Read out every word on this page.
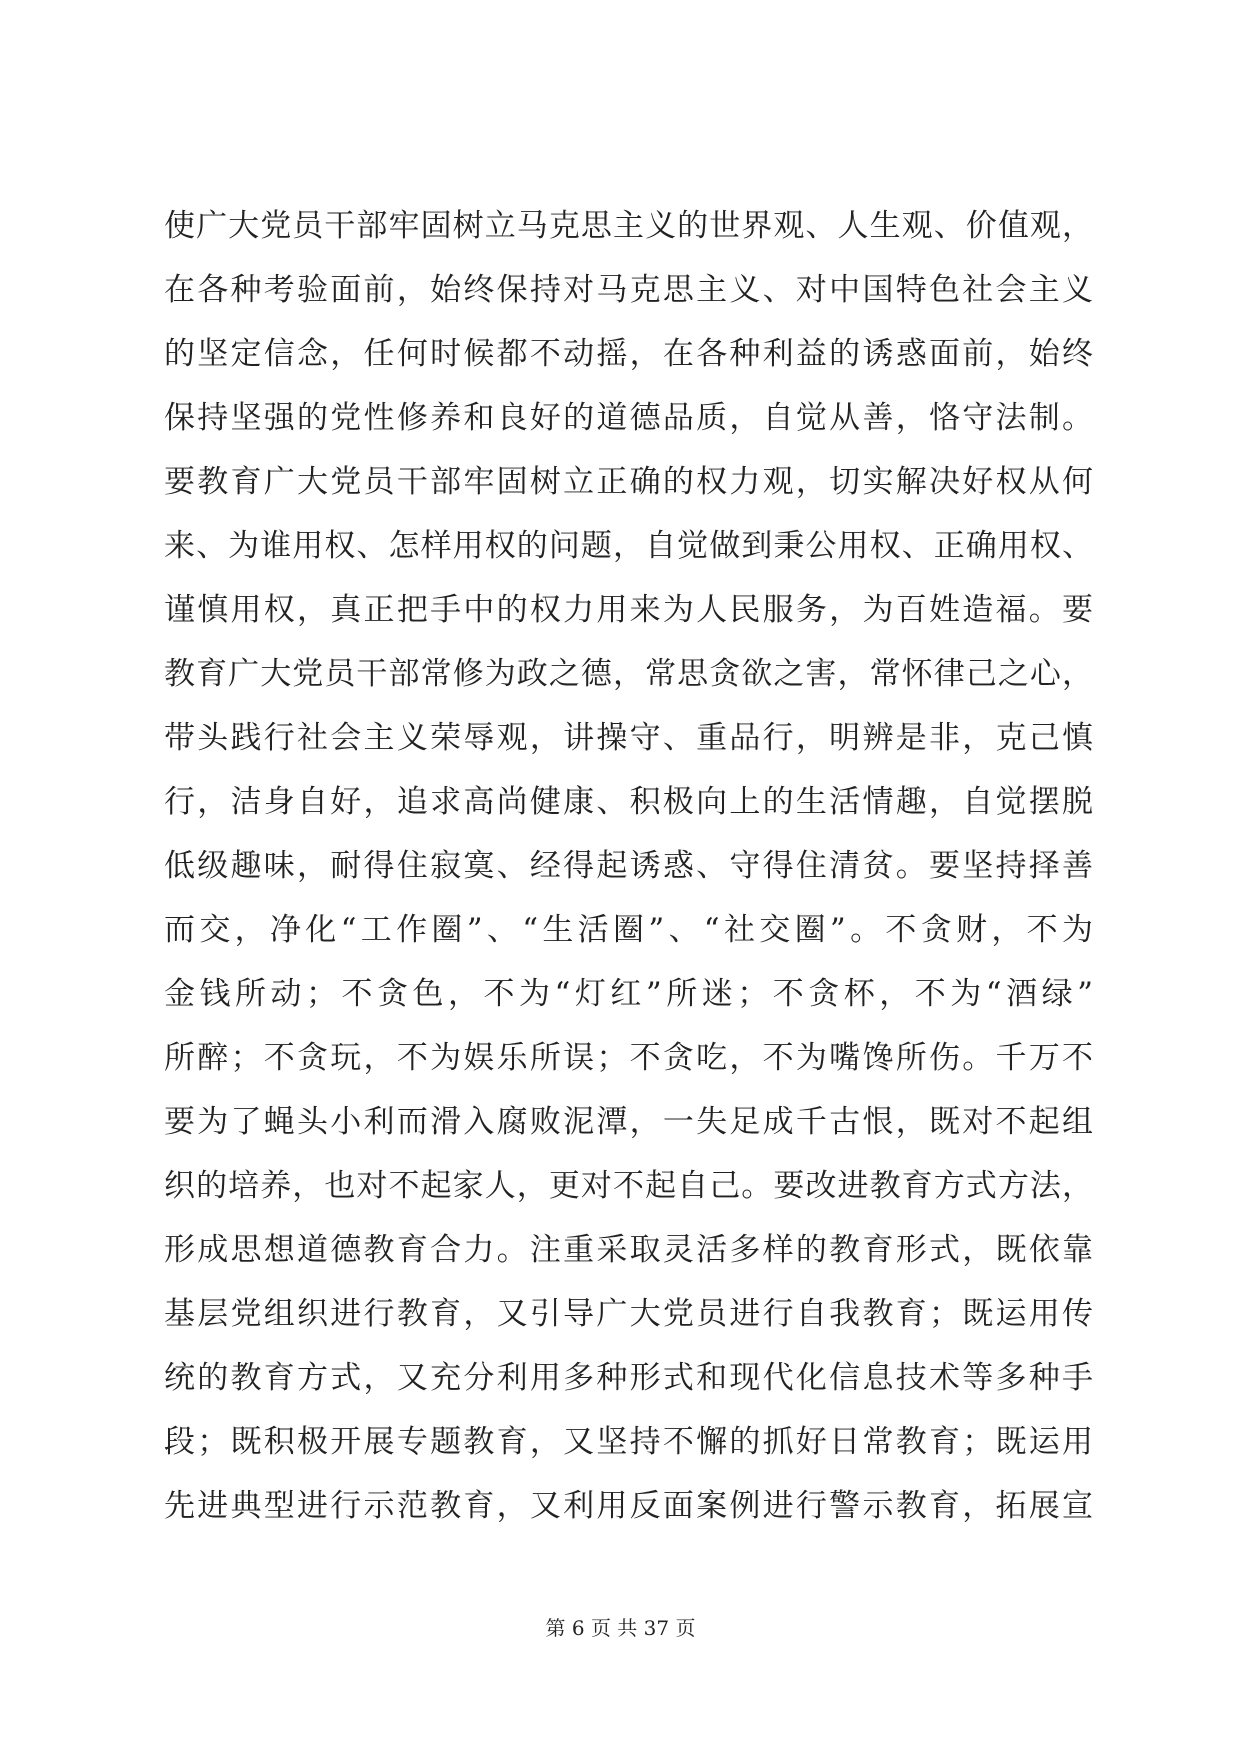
使广大党员干部牢固树立马克思主义的世界观、人生观、价值观，
在各种考验面前，始终保持对马克思主义、对中国特色社会主义
的坚定信念，任何时候都不动摇，在各种利益的诱惑面前，始终
保持坚强的党性修养和良好的道德品质，自觉从善，恪守法制。
要教育广大党员干部牢固树立正确的权力观，切实解决好权从何
来、为谁用权、怎样用权的问题，自觉做到秉公用权、正确用权、
谨慎用权，真正把手中的权力用来为人民服务，为百姓造福。要
教育广大党员干部常修为政之德，常思贪欲之害，常怀律己之心，
带头践行社会主义荣辱观，讲操守、重品行，明辨是非，克己慎
行，洁身自好，追求高尚健康、积极向上的生活情趣，自觉摆脱
低级趣味，耐得住寂寞、经得起诱惑、守得住清贫。要坚持择善
而交，净化“工作圈”、“生活圈”、“社交圈”。不贪财，不为
金钱所动；不贪色，不为“灯红”所迷；不贪杯，不为“酒绿”
所醉；不贪玩，不为娱乐所误；不贪吃，不为嘴馋所伤。千万不
要为了蝇头小利而滑入腐败泥潭，一失足成千古恨，既对不起组
织的培养，也对不起家人，更对不起自己。要改进教育方式方法，
形成思想道德教育合力。注重采取灵活多样的教育形式，既依靠
基层党组织进行教育，又引导广大党员进行自我教育；既运用传
统的教育方式，又充分利用多种形式和现代化信息技术等多种手
段；既积极开展专题教育，又坚持不懈的抓好日常教育；既运用
先进典型进行示范教育，又利用反面案例进行警示教育，拓展宣
第 6 页 共 37 页
